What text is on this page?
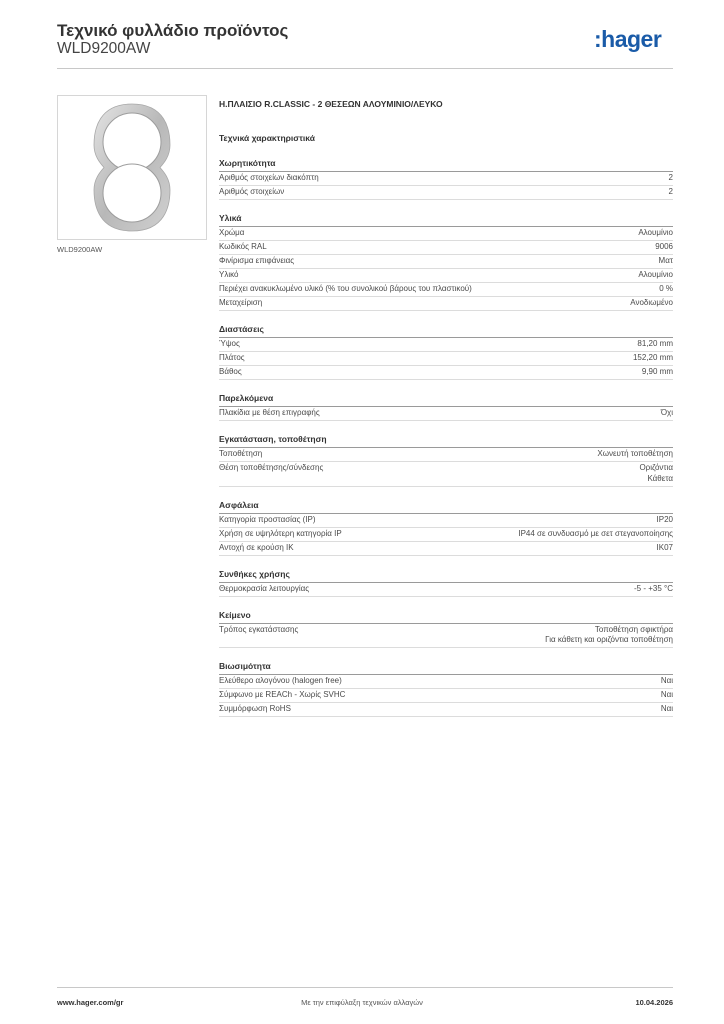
Τεχνικό φυλλάδιο προϊόντος
WLD9200AW	:hager
WLD9200AW
Η.ΠΛΑΙΣΙΟ R.CLASSIC - 2 ΘΕΣΕΩΝ ΑΛΟΥΜΙΝΙΟ/ΛΕΥΚΟ
Τεχνικά χαρακτηριστικά
Χωρητικότητα
Αριθμός στοιχείων διακόπτη	2
Αριθμός στοιχείων	2
Υλικά
Χρώμα	Αλουμίνιο
Κωδικός RAL	9006
Φινίρισμα επιφάνειας	Ματ
Υλικό	Αλουμίνιο
Περιέχει ανακυκλωμένο υλικό (% του συνολικού βάρους του πλαστικού)	0 %
Μεταχείριση	Ανοδιωμένο
Διαστάσεις
Ύψος	81,20 mm
Πλάτος	152,20 mm
Βάθος	9,90 mm
Παρελκόμενα
Πλακίδια με θέση επιγραφής	Όχι
Εγκατάσταση, τοποθέτηση
Τοποθέτηση	Χωνευτή τοποθέτηση
Θέση τοποθέτησης/σύνδεσης	Οριζόντια
Κάθετα
Ασφάλεια
Κατηγορία προστασίας (IP)	IP20
Χρήση σε υψηλότερη κατηγορία IP	IP44 σε συνδυασμό με σετ στεγανοποίησης
Αντοχή σε κρούση IK	IK07
Συνθήκες χρήσης
Θερμοκρασία λειτουργίας	-5 - +35 °C
Κείμενο
Τρόπος εγκατάστασης	Τοποθέτηση σφικτήρα
Για κάθετη και οριζόντια τοποθέτηση
Βιωσιμότητα
Ελεύθερο αλογόνου (halogen free)	Ναι
Σύμφωνο με REACh - Χωρίς SVHC	Ναι
Συμμόρφωση RoHS	Ναι
www.hager.com/gr	Με την επιφύλαξη τεχνικών αλλαγών	10.04.2026
